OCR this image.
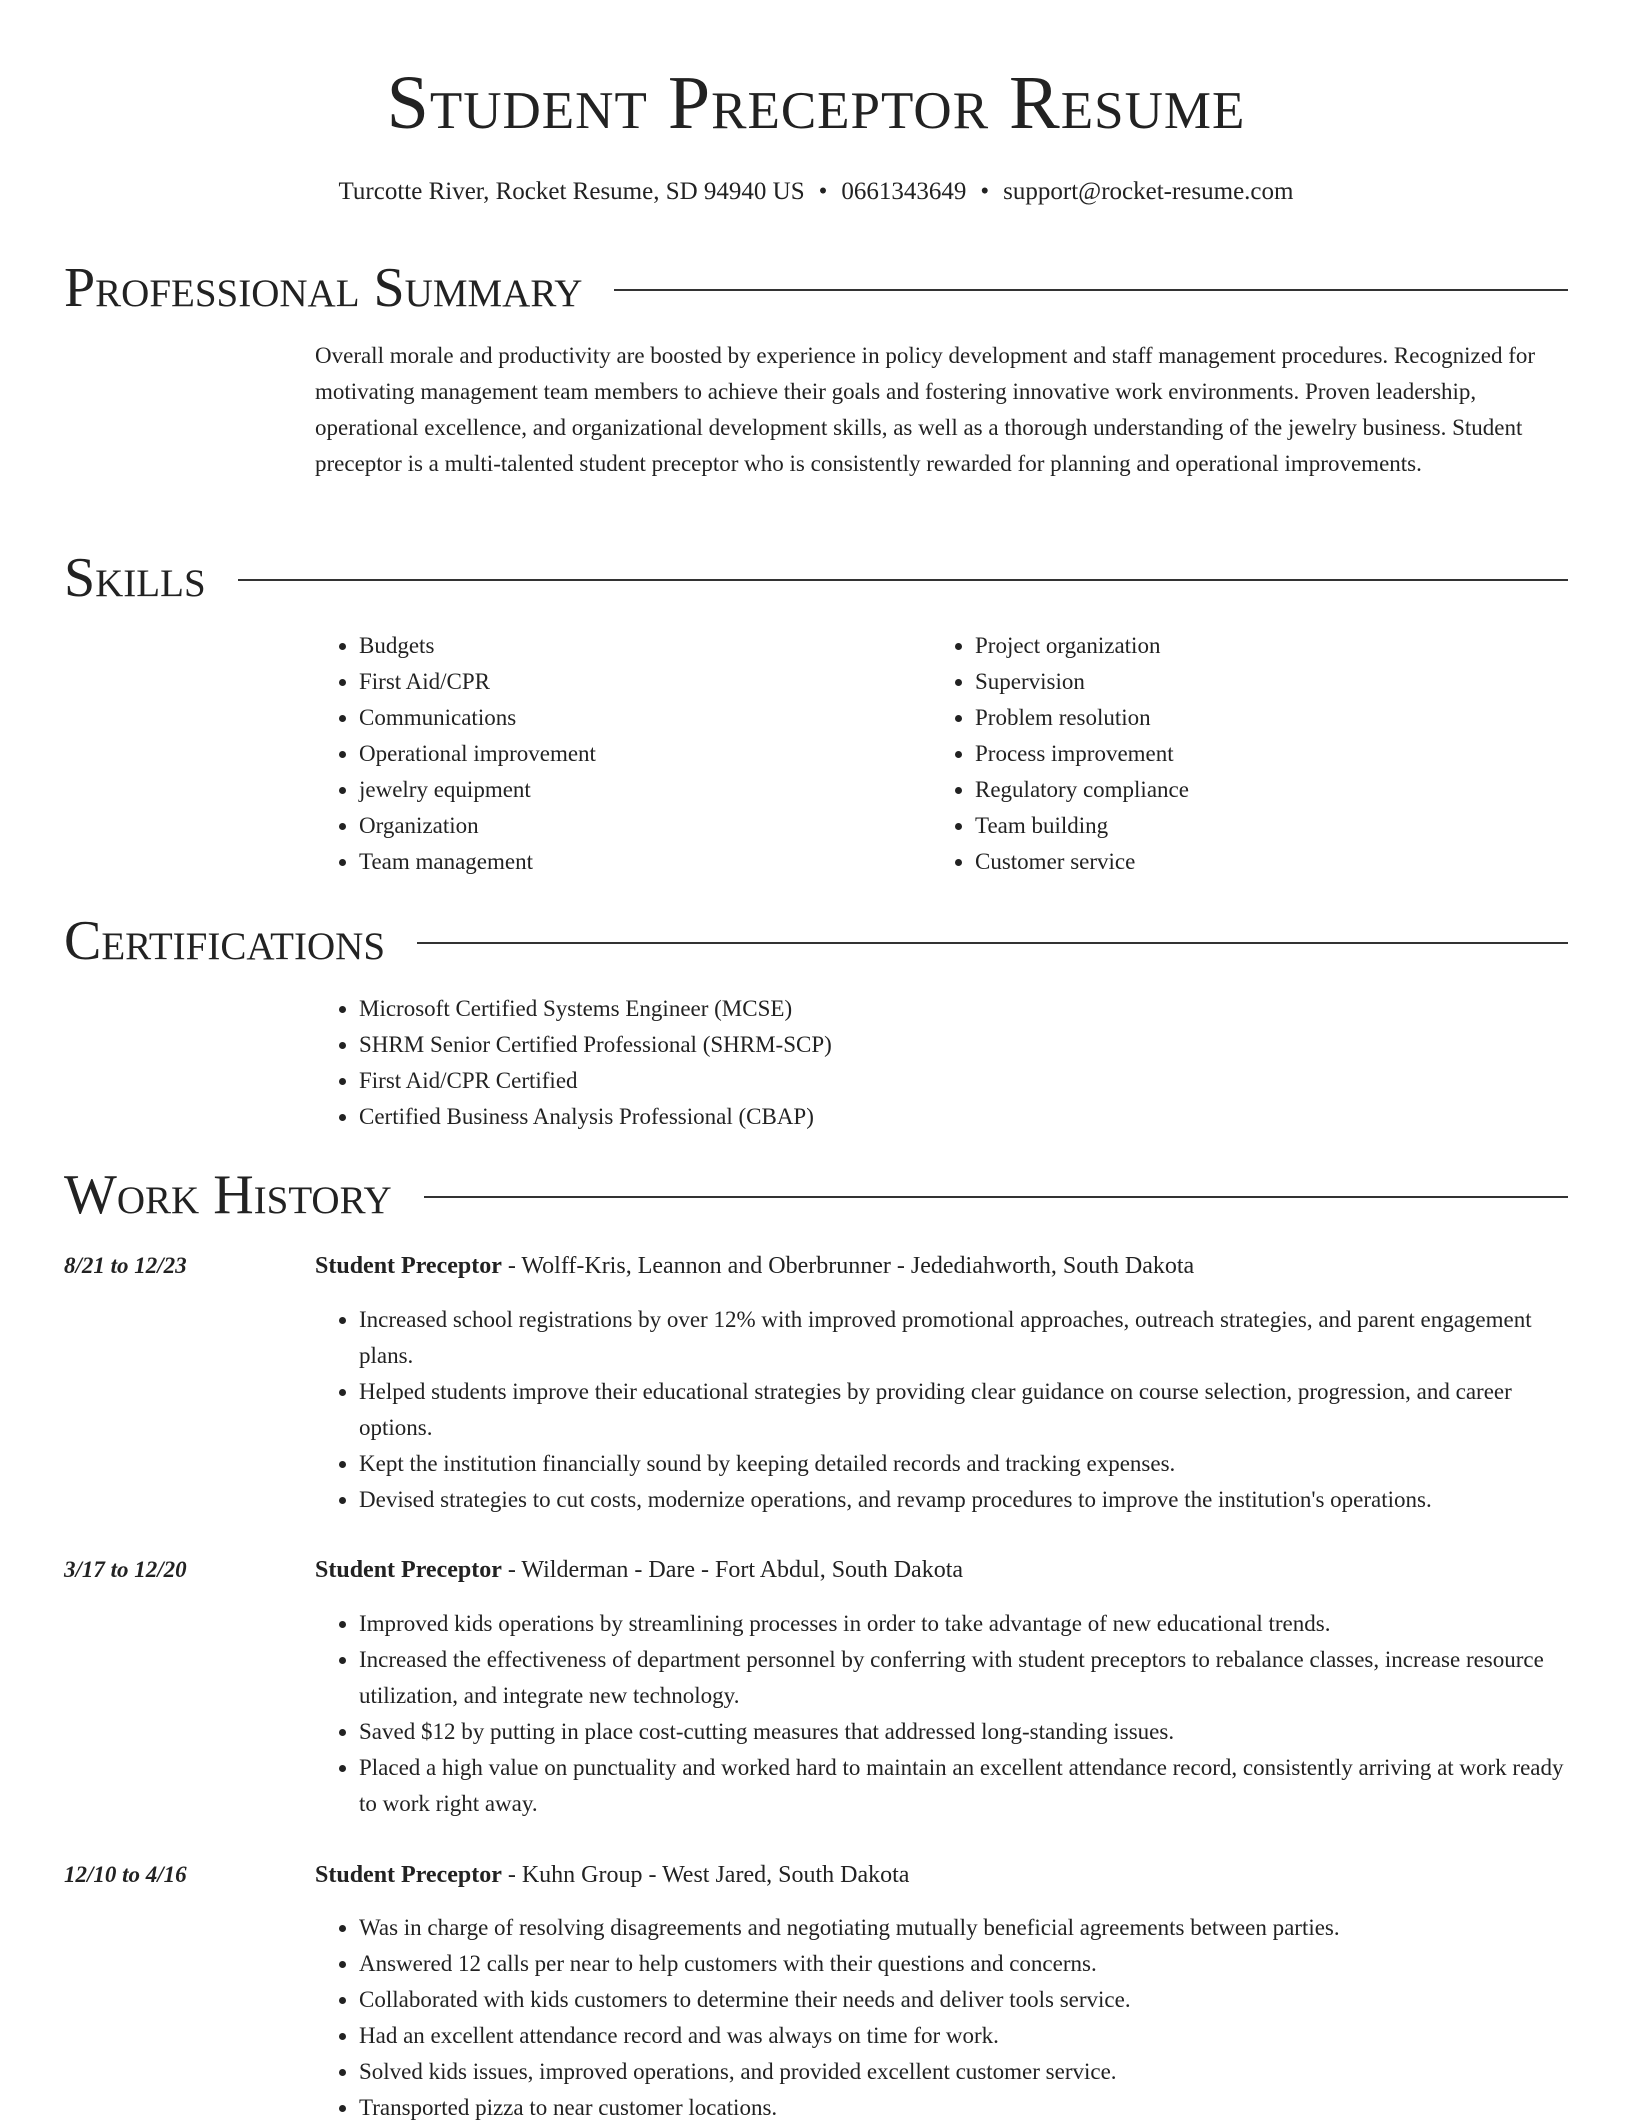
Student Preceptor Resume
Turcotte River, Rocket Resume, SD 94940 US • 0661343649 • support@rocket-resume.com
Professional Summary

Overall morale and productivity are boosted by experience in policy development and staff management procedures. Recognized for motivating management team members to achieve their goals and fostering innovative work environments. Proven leadership, operational excellence, and organizational development skills, as well as a thorough understanding of the jewelry business. Student preceptor is a multi-talented student preceptor who is consistently rewarded for planning and operational improvements.

Skills
• Budgets
• First Aid/CPR
• Communications
• Operational improvement
• jewelry equipment
• Organization
• Team management
• Project organization
• Supervision
• Problem resolution
• Process improvement
• Regulatory compliance
• Team building
• Customer service
Certifications
• Microsoft Certified Systems Engineer (MCSE)
• SHRM Senior Certified Professional (SHRM-SCP)
• First Aid/CPR Certified
• Certified Business Analysis Professional (CBAP)
Work History
8/21 to 12/23	Student Preceptor - Wolff-Kris, Leannon and Oberbrunner - Jedediahworth, South Dakota
• Increased school registrations by over 12% with improved promotional approaches, outreach strategies, and parent engagement plans.
• Helped students improve their educational strategies by providing clear guidance on course selection, progression, and career options.
• Kept the institution financially sound by keeping detailed records and tracking expenses.
• Devised strategies to cut costs, modernize operations, and revamp procedures to improve the institution's operations.
3/17 to 12/20	Student Preceptor - Wilderman - Dare - Fort Abdul, South Dakota
• Improved kids operations by streamlining processes in order to take advantage of new educational trends.
• Increased the effectiveness of department personnel by conferring with student preceptors to rebalance classes, increase resource utilization, and integrate new technology.
• Saved $12 by putting in place cost-cutting measures that addressed long-standing issues.
• Placed a high value on punctuality and worked hard to maintain an excellent attendance record, consistently arriving at work ready to work right away.
12/10 to 4/16	Student Preceptor - Kuhn Group - West Jared, South Dakota
• Was in charge of resolving disagreements and negotiating mutually beneficial agreements between parties.
• Answered 12 calls per near to help customers with their questions and concerns.
• Collaborated with kids customers to determine their needs and deliver tools service.
• Had an excellent attendance record and was always on time for work.
• Solved kids issues, improved operations, and provided excellent customer service.
• Transported pizza to near customer locations.
